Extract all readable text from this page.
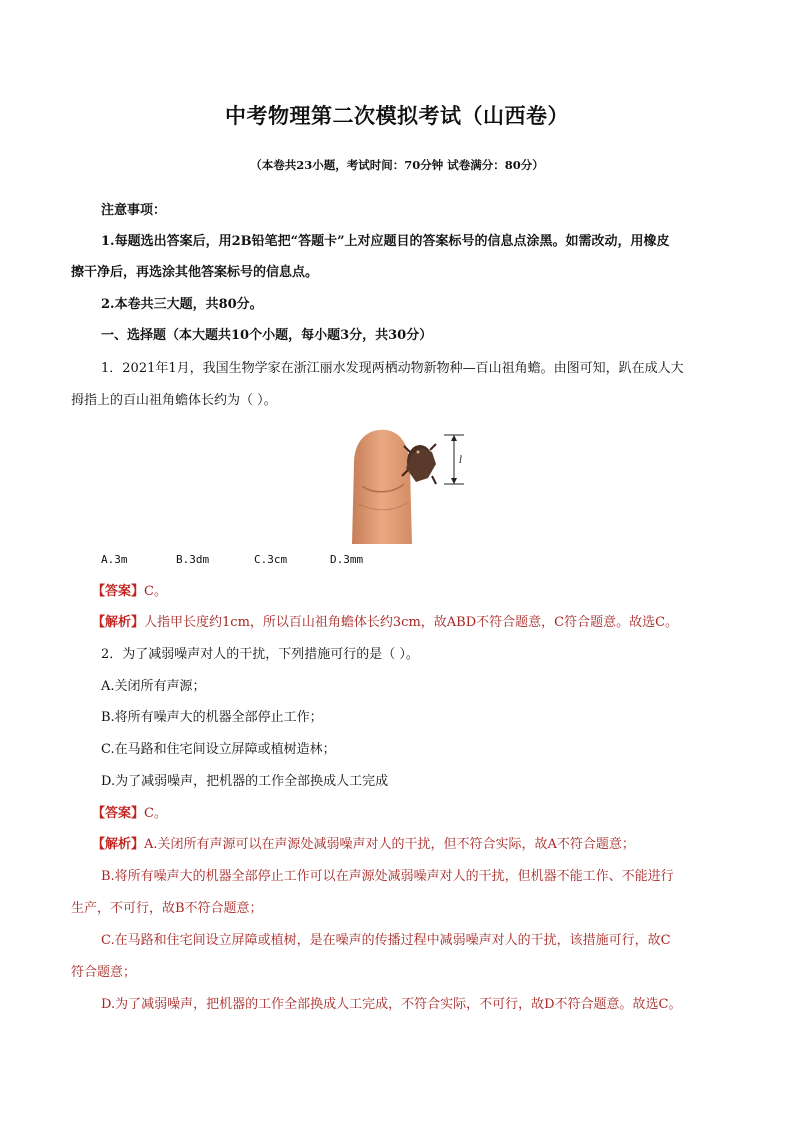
中考物理第二次模拟考试（山西卷）
（本卷共23小题，考试时间：70分钟 试卷满分：80分）
注意事项：
1.每题选出答案后，用2B铅笔把“答题卡”上对应题目的答案标号的信息点涂黑。如需改动，用橡皮
擦干净后，再选涂其他答案标号的信息点。
2.本卷共三大题，共80分。
一、选择题（本大题共10个小题，每小题3分，共30分）
1．2021年1月，我国生物学家在浙江丽水发现两栖动物新物种—百山祖角蟾。由图可知，趴在成人大
拇指上的百山祖角蟾体长约为（ ）。
l
A.3m	B.3dm	C.3cm	D.3mm
【答案】C。
【解析】人指甲长度约1cm，所以百山祖角蟾体长约3cm，故ABD不符合题意，C符合题意。故选C。
2．为了减弱噪声对人的干扰，下列措施可行的是（ ）。
A.关闭所有声源；
B.将所有噪声大的机器全部停止工作；
C.在马路和住宅间设立屏障或植树造林；
D.为了减弱噪声，把机器的工作全部换成人工完成
【答案】C。
【解析】A.关闭所有声源可以在声源处减弱噪声对人的干扰，但不符合实际，故A不符合题意；
B.将所有噪声大的机器全部停止工作可以在声源处减弱噪声对人的干扰，但机器不能工作、不能进行
生产，不可行，故B不符合题意；
C.在马路和住宅间设立屏障或植树，是在噪声的传播过程中减弱噪声对人的干扰，该措施可行，故C
符合题意；
D.为了减弱噪声，把机器的工作全部换成人工完成，不符合实际，不可行，故D不符合题意。故选C。
